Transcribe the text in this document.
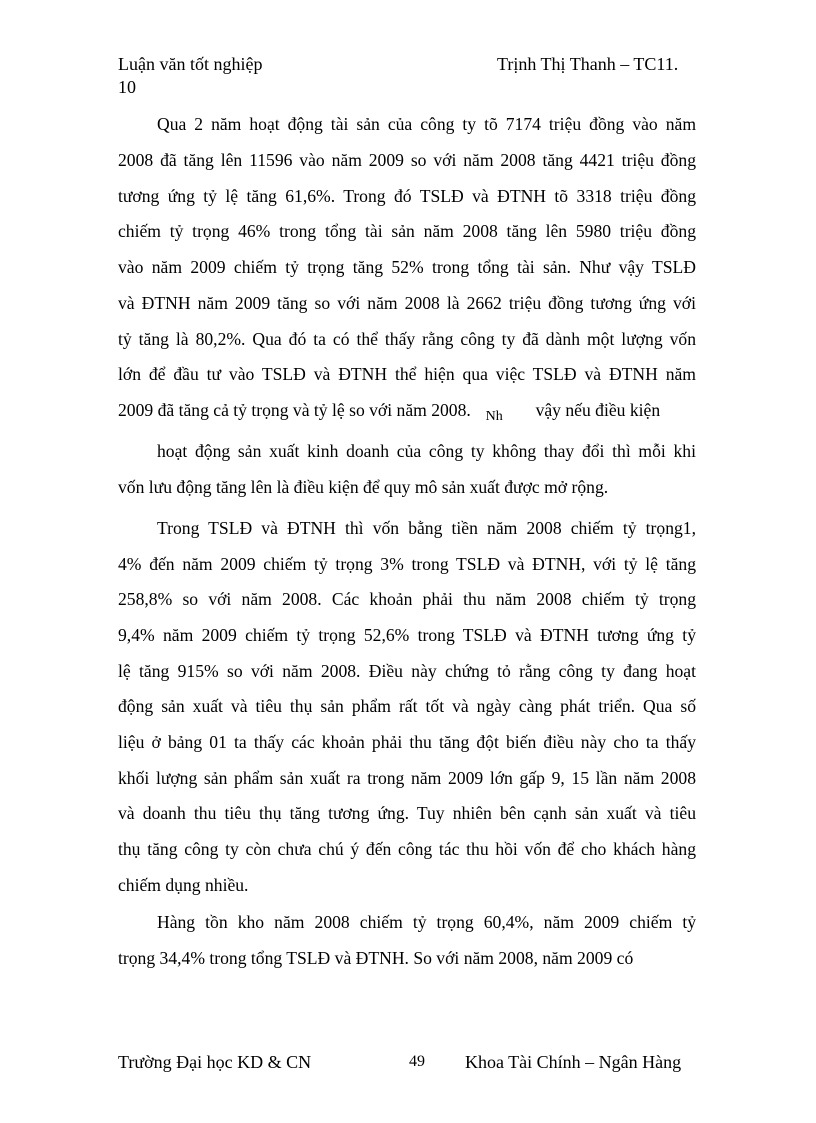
Luận văn tốt nghiệp	Trịnh Thị Thanh – TC11.
10
Qua 2 năm hoạt động tài sản của công ty tõ 7174 triệu đồng vào năm
2008 đã tăng lên 11596 vào năm 2009 so với năm 2008 tăng 4421 triệu đồng
tương ứng tỷ lệ tăng 61,6%. Trong đó TSLĐ và ĐTNH tõ 3318 triệu đồng
chiếm tỷ trọng 46% trong tổng tài sản năm 2008 tăng lên 5980 triệu đồng
vào năm 2009 chiếm tỷ trọng tăng 52% trong tổng tài sản. Như vậy TSLĐ
và ĐTNH năm 2009 tăng so với năm 2008 là 2662 triệu đồng tương ứng với
tỷ tăng là 80,2%. Qua đó ta có thể thấy rằng công ty đã dành một lượng vốn
lớn để đầu tư vào TSLĐ và ĐTNH thể hiện qua việc TSLĐ và ĐTNH năm
2009 đã tăng cả tỷ trọng và tỷ lệ so với năm 2008. $_{Nh}$ vậy nếu điều kiện
hoạt động sản xuất kinh doanh của công ty không thay đổi thì mỗi khi
vốn lưu động tăng lên là điều kiện để quy mô sản xuất được mở rộng.
Trong TSLĐ và ĐTNH thì vốn bằng tiền năm 2008 chiếm tỷ trọng1,
4% đến năm 2009 chiếm tỷ trọng 3% trong TSLĐ và ĐTNH, với tỷ lệ tăng
258,8% so với năm 2008. Các khoản phải thu năm 2008 chiếm tỷ trọng
9,4% năm 2009 chiếm tỷ trọng 52,6% trong TSLĐ và ĐTNH tương ứng tỷ
lệ tăng 915% so với năm 2008. Điều này chứng tỏ rằng công ty đang hoạt
động sản xuất và tiêu thụ sản phẩm rất tốt và ngày càng phát triển. Qua số
liệu ở bảng 01 ta thấy các khoản phải thu tăng đột biến điều này cho ta thấy
khối lượng sản phẩm sản xuất ra trong năm 2009 lớn gấp 9, 15 lần năm 2008
và doanh thu tiêu thụ tăng tương ứng. Tuy nhiên bên cạnh sản xuất và tiêu
thụ tăng công ty còn chưa chú ý đến công tác thu hồi vốn để cho khách hàng
chiếm dụng nhiều.
Hàng tồn kho năm 2008 chiếm tỷ trọng 60,4%, năm 2009 chiếm tỷ
trọng 34,4% trong tổng TSLĐ và ĐTNH. So với năm 2008, năm 2009 có
Trường Đại học KD & CN	49 Khoa Tài Chính – Ngân Hàng
